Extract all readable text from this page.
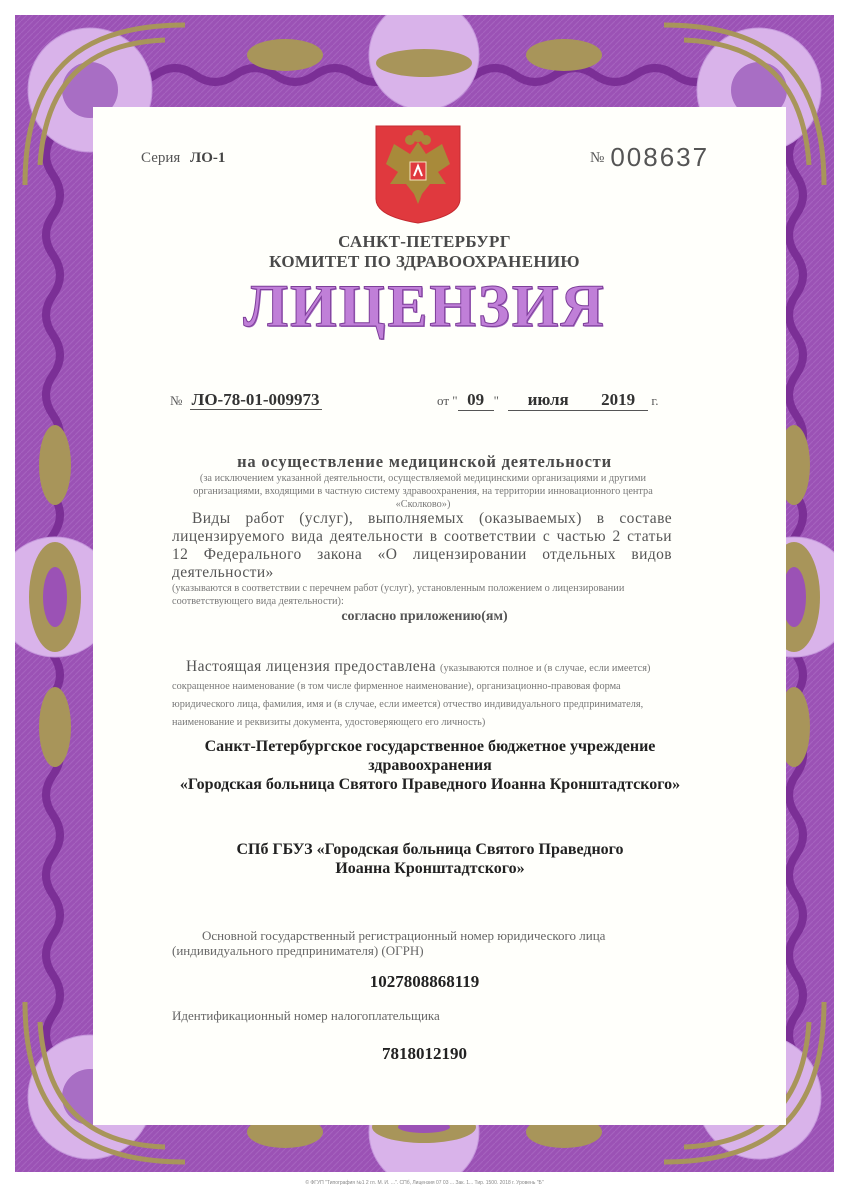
Серия ЛО-1	№ 008637
САНКТ-ПЕТЕРБУРГ
КОМИТЕТ ПО ЗДРАВООХРАНЕНИЮ
ЛИЦЕНЗИЯ
№ ЛО-78-01-009973	от " 09 " июля 2019 г.
на осуществление медицинской деятельности
(за исключением указанной деятельности, осуществляемой медицинскими организациями и другими организациями, входящими в частную систему здравоохранения, на территории инновационного центра «Сколково»)
Виды работ (услуг), выполняемых (оказываемых) в составе лицензируемого вида деятельности в соответствии с частью 2 статьи 12 Федерального закона «О лицензировании отдельных видов деятельности»
(указываются в соответствии с перечнем работ (услуг), установленным положением о лицензировании соответствующего вида деятельности):
согласно приложению(ям)
Настоящая лицензия предоставлена (указываются полное и (в случае, если имеется) сокращенное наименование (в том числе фирменное наименование), организационно-правовая форма юридического лица, фамилия, имя и (в случае, если имеется) отчество индивидуального предпринимателя, наименование и реквизиты документа, удостоверяющего его личность)
Санкт-Петербургское государственное бюджетное учреждение
здравоохранения
«Городская больница Святого Праведного Иоанна Кронштадтского»
СПб ГБУЗ «Городская больница Святого Праведного
Иоанна Кронштадтского»
Основной государственный регистрационный номер юридического лица
(индивидуального предпринимателя) (ОГРН)
1027808868119
Идентификационный номер налогоплательщика
7818012190
© ФГУП "Типография №1 2 гл. М. И. ...". СПб, Лицензия 07 03 ... Зак. 1... Тир. 1500. 2018 г. Уровень "Б"
